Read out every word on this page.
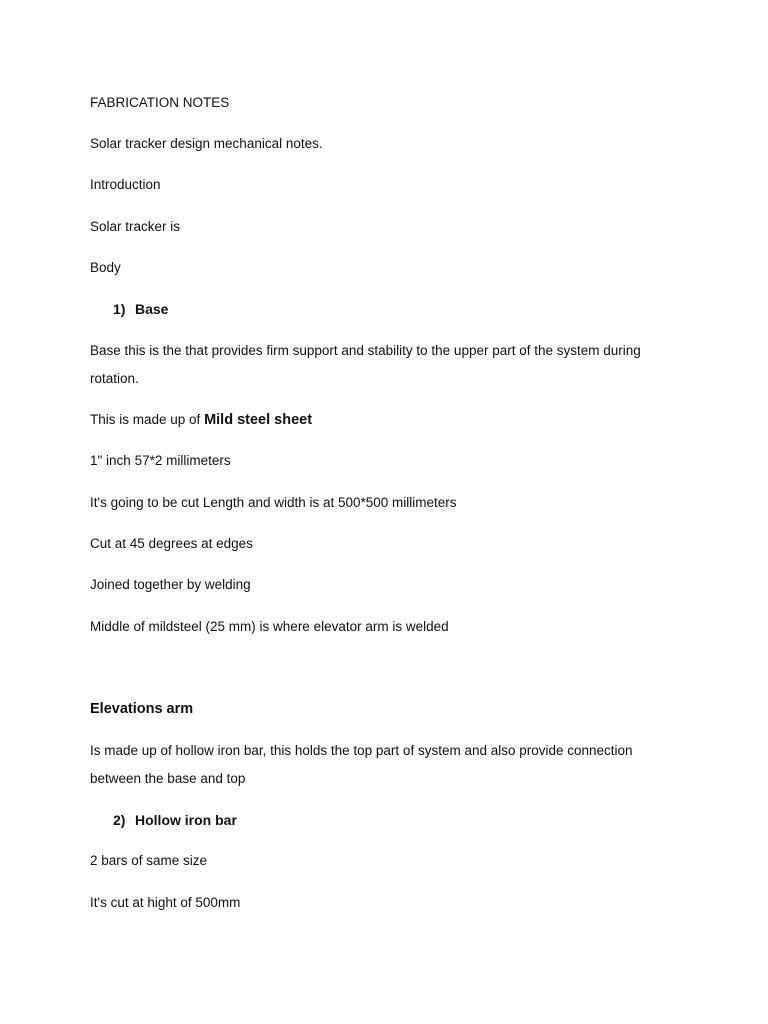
FABRICATION NOTES

Solar tracker design mechanical notes.

Introduction

Solar tracker is

Body

1) Base

Base this is the that provides firm support and stability to the upper part of the system during rotation.

This is made up of Mild steel sheet

1" inch 57*2 millimeters

It's going to be cut Length and width is at 500*500 millimeters

Cut at 45 degrees at edges

Joined together by welding

Middle of mildsteel (25 mm) is where elevator arm is welded

Elevations arm

Is made up of hollow iron bar, this holds the top part of system and also provide connection between the base and top

2) Hollow iron bar

2 bars of same size

It's cut at hight of 500mm
